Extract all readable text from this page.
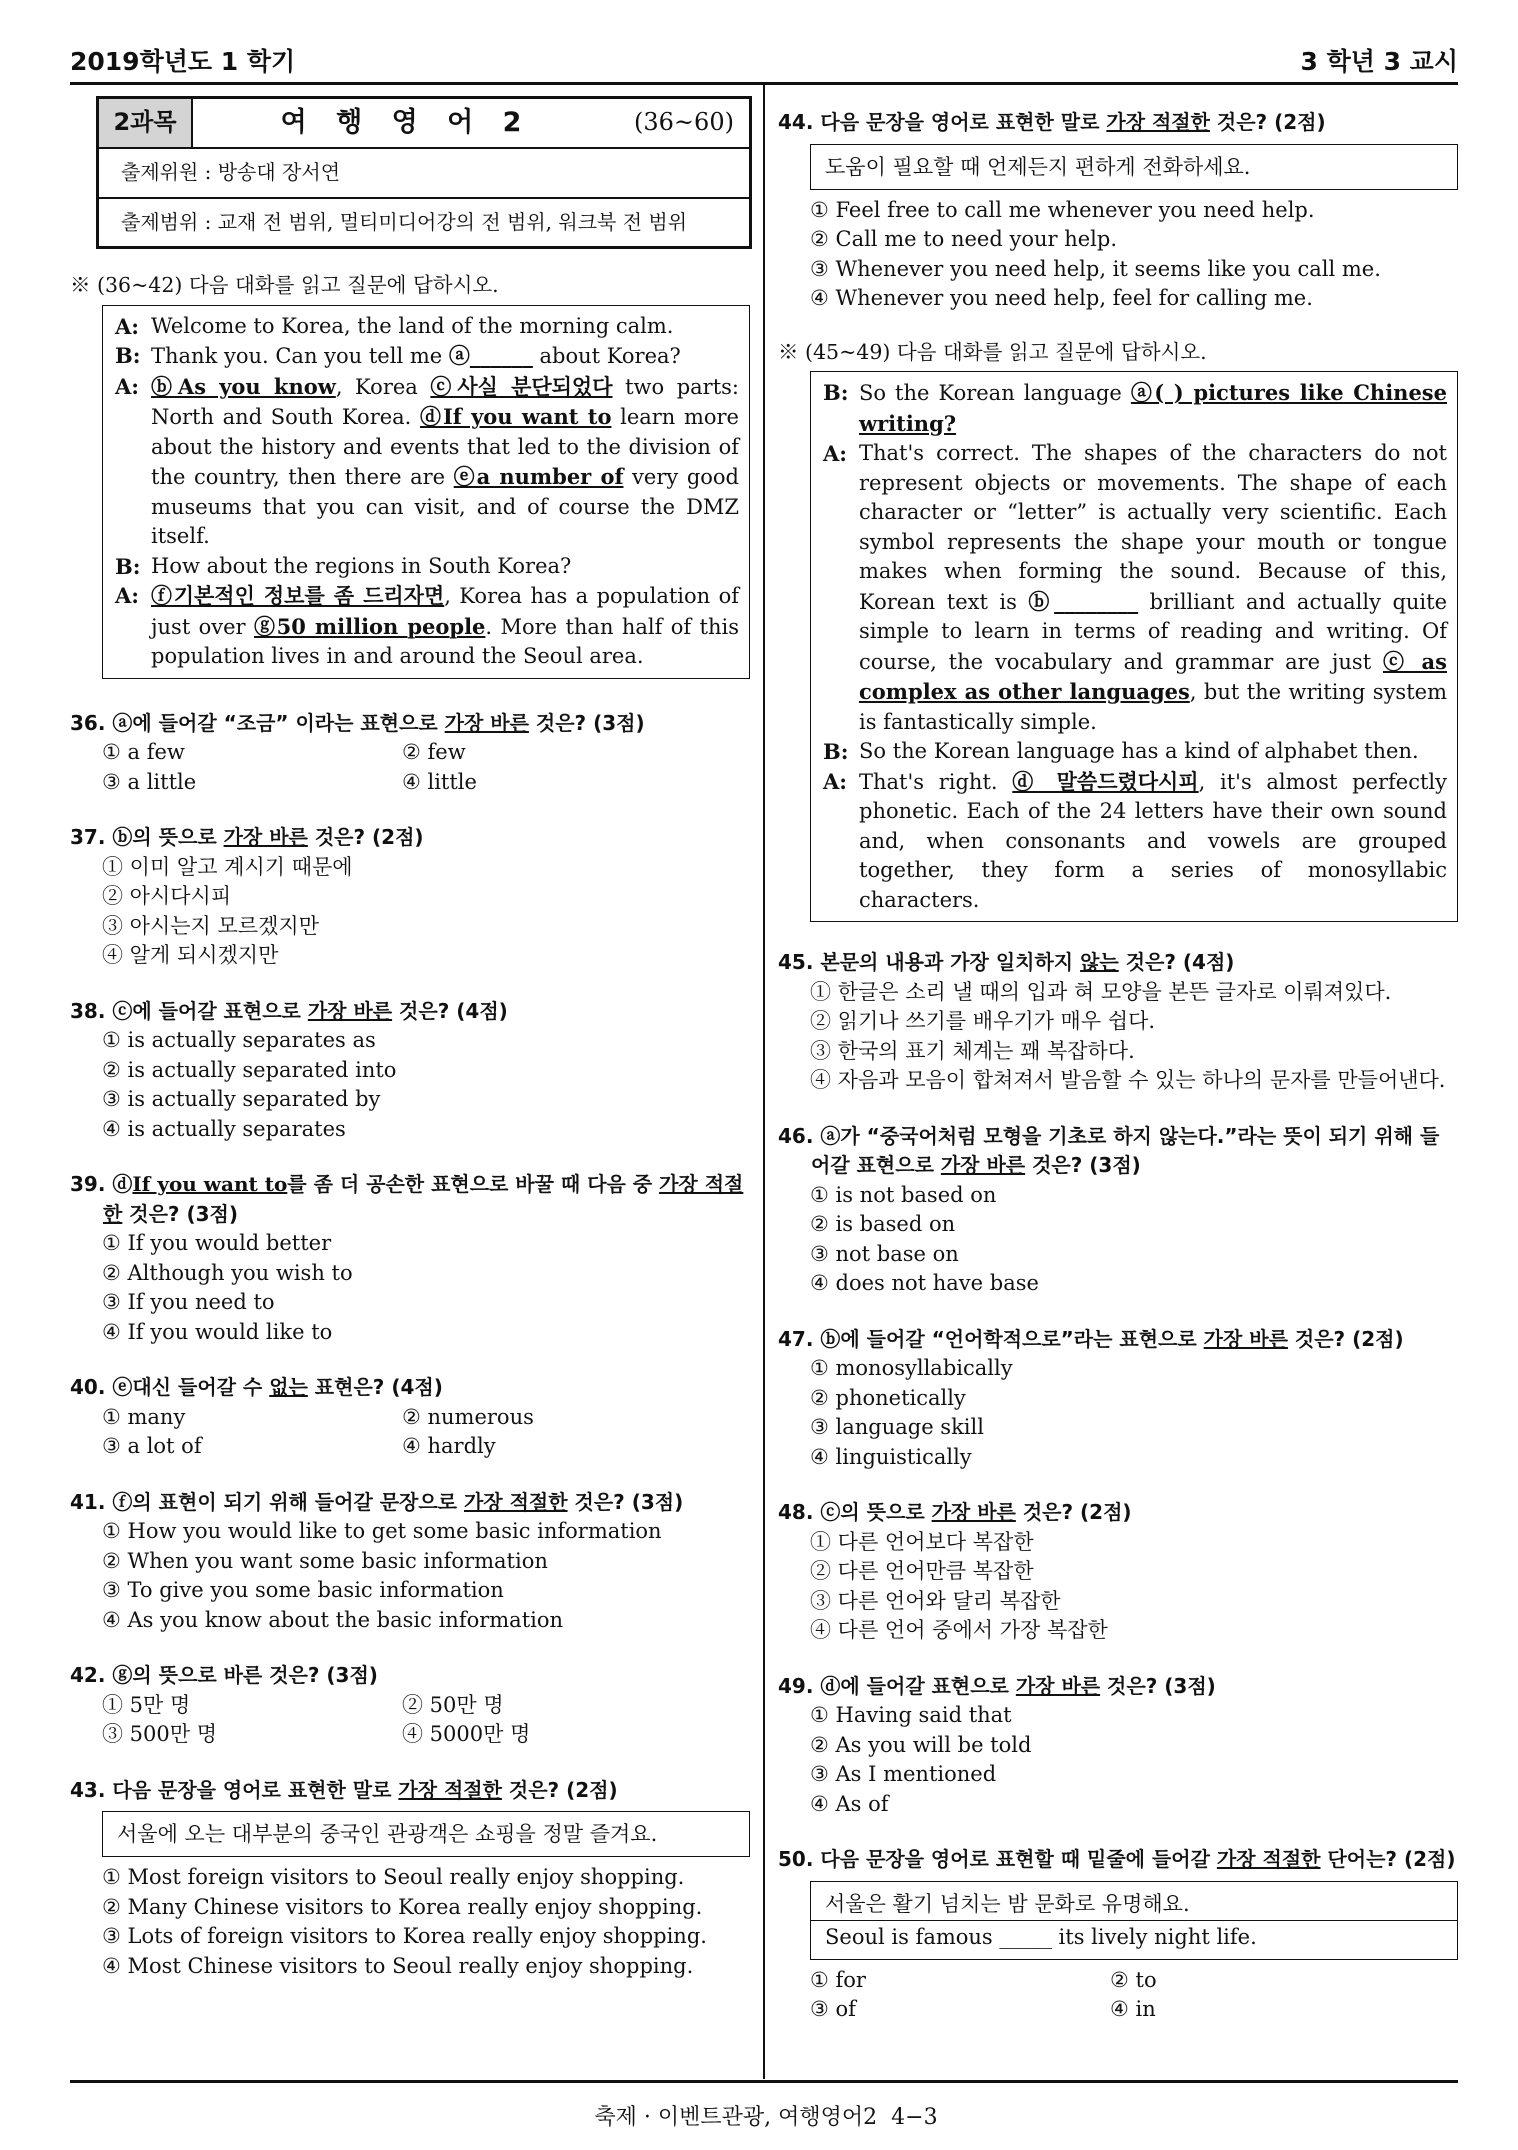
2019학년도 1 학기	3 학년 3 교시
2과목	여 행 영 어 2	(36~60)
출제위원 : 방송대 장서연
출제범위 : 교재 전 범위, 멀티미디어강의 전 범위, 워크북 전 범위
※ (36~42) 다음 대화를 읽고 질문에 답하시오.
A: Welcome to Korea, the land of the morning calm.
B: Thank you. Can you tell me ⓐ______ about Korea?
A: ⓑAs you know, Korea ⓒ사실 분단되었다 two parts: North and South Korea. ⓓIf you want to learn more about the history and events that led to the division of the country, then there are ⓔa number of very good museums that you can visit, and of course the DMZ itself.
B: How about the regions in South Korea?
A: ⓕ기본적인 정보를 좀 드리자면, Korea has a population of just over ⓖ50 million people. More than half of this population lives in and around the Seoul area.
36. ⓐ에 들어갈 “조금” 이라는 표현으로 가장 바른 것은? (3점)
① a few	② few
③ a little	④ little
37. ⓑ의 뜻으로 가장 바른 것은? (2점)
① 이미 알고 계시기 때문에
② 아시다시피
③ 아시는지 모르겠지만
④ 알게 되시겠지만
38. ⓒ에 들어갈 표현으로 가장 바른 것은? (4점)
① is actually separates as
② is actually separated into
③ is actually separated by
④ is actually separates
39. ⓓIf you want to를 좀 더 공손한 표현으로 바꿀 때 다음 중 가장 적절한 것은? (3점)
① If you would better
② Although you wish to
③ If you need to
④ If you would like to
40. ⓔ대신 들어갈 수 없는 표현은? (4점)
① many	② numerous
③ a lot of	④ hardly
41. ⓕ의 표현이 되기 위해 들어갈 문장으로 가장 적절한 것은? (3점)
① How you would like to get some basic information
② When you want some basic information
③ To give you some basic information
④ As you know about the basic information
42. ⓖ의 뜻으로 바른 것은? (3점)
① 5만 명	② 50만 명
③ 500만 명	④ 5000만 명
43. 다음 문장을 영어로 표현한 말로 가장 적절한 것은? (2점)
서울에 오는 대부분의 중국인 관광객은 쇼핑을 정말 즐겨요.
① Most foreign visitors to Seoul really enjoy shopping.
② Many Chinese visitors to Korea really enjoy shopping.
③ Lots of foreign visitors to Korea really enjoy shopping.
④ Most Chinese visitors to Seoul really enjoy shopping.
44. 다음 문장을 영어로 표현한 말로 가장 적절한 것은? (2점)
도움이 필요할 때 언제든지 편하게 전화하세요.
① Feel free to call me whenever you need help.
② Call me to need your help.
③ Whenever you need help, it seems like you call me.
④ Whenever you need help, feel for calling me.
※ (45~49) 다음 대화를 읽고 질문에 답하시오.
B: So the Korean language ⓐ( ) pictures like Chinese writing?
A: That's correct. The shapes of the characters do not represent objects or movements. The shape of each character or “letter” is actually very scientific. Each symbol represents the shape your mouth or tongue makes when forming the sound. Because of this, Korean text is ⓑ________ brilliant and actually quite simple to learn in terms of reading and writing. Of course, the vocabulary and grammar are just ⓒ as complex as other languages, but the writing system is fantastically simple.
B: So the Korean language has a kind of alphabet then.
A: That's right. ⓓ 말씀드렸다시피, it's almost perfectly phonetic. Each of the 24 letters have their own sound and, when consonants and vowels are grouped together, they form a series of monosyllabic characters.
45. 본문의 내용과 가장 일치하지 않는 것은? (4점)
① 한글은 소리 낼 때의 입과 혀 모양을 본뜬 글자로 이뤄져있다.
② 읽기나 쓰기를 배우기가 매우 쉽다.
③ 한국의 표기 체계는 꽤 복잡하다.
④ 자음과 모음이 합쳐져서 발음할 수 있는 하나의 문자를 만들어낸다.
46. ⓐ가 “중국어처럼 모형을 기초로 하지 않는다.”라는 뜻이 되기 위해 들어갈 표현으로 가장 바른 것은? (3점)
① is not based on
② is based on
③ not base on
④ does not have base
47. ⓑ에 들어갈 “언어학적으로”라는 표현으로 가장 바른 것은? (2점)
① monosyllabically
② phonetically
③ language skill
④ linguistically
48. ⓒ의 뜻으로 가장 바른 것은? (2점)
① 다른 언어보다 복잡한
② 다른 언어만큼 복잡한
③ 다른 언어와 달리 복잡한
④ 다른 언어 중에서 가장 복잡한
49. ⓓ에 들어갈 표현으로 가장 바른 것은? (3점)
① Having said that
② As you will be told
③ As I mentioned
④ As of
50. 다음 문장을 영어로 표현할 때 밑줄에 들어갈 가장 적절한 단어는? (2점)
서울은 활기 넘치는 밤 문화로 유명해요.
Seoul is famous _____ its lively night life.
① for	② to
③ of	④ in
축제 · 이벤트관광, 여행영어2 4−3
